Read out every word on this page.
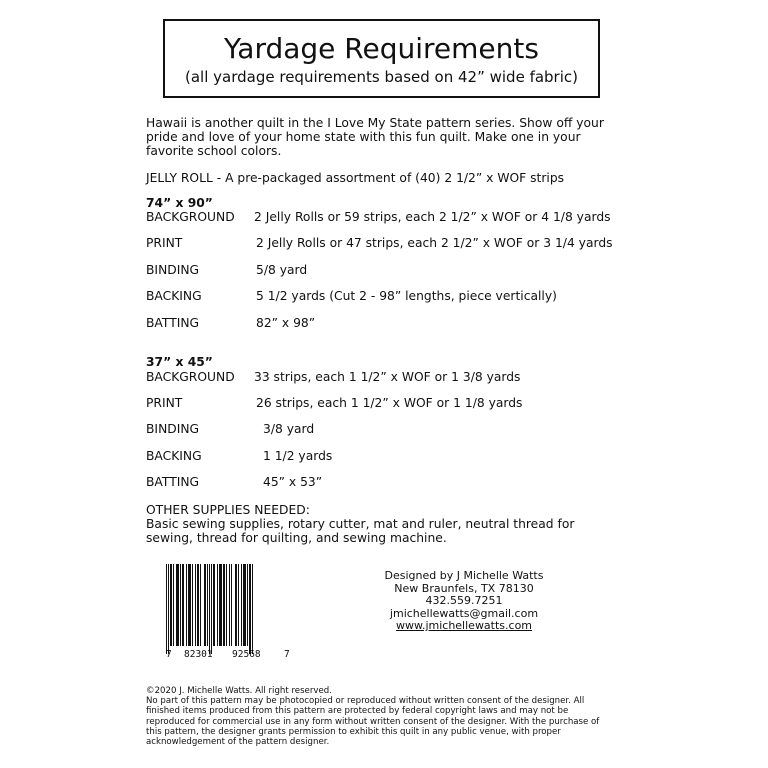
Yardage Requirements
(all yardage requirements based on 42” wide fabric)
Hawaii is another quilt in the I Love My State pattern series. Show off your pride and love of your home state with this fun quilt. Make one in your favorite school colors.
JELLY ROLL - A pre-packaged assortment of (40) 2 1/2” x WOF strips
74” x 90”
BACKGROUND 2 Jelly Rolls or 59 strips, each 2 1/2” x WOF or 4 1/8 yards
PRINT	2 Jelly Rolls or 47 strips, each 2 1/2” x WOF or 3 1/4 yards
BINDING	5/8 yard
BACKING	5 1/2 yards (Cut 2 - 98” lengths, piece vertically)
BATTING	82” x 98”
37” x 45”
BACKGROUND 33 strips, each 1 1/2” x WOF or 1 3/8 yards
PRINT	26 strips, each 1 1/2” x WOF or 1 1/8 yards
BINDING	3/8 yard
BACKING	1 1/2 yards
BATTING	45” x 53”
OTHER SUPPLIES NEEDED:
Basic sewing supplies, rotary cutter, mat and ruler, neutral thread for sewing, thread for quilting, and sewing machine.
7 82301 92568 7
Designed by J Michelle Watts
New Braunfels, TX 78130
432.559.7251
jmichellewatts@gmail.com
www.jmichellewatts.com
©2020 J. Michelle Watts. All right reserved.
No part of this pattern may be photocopied or reproduced without written consent of the designer. All finished items produced from this pattern are protected by federal copyright laws and may not be reproduced for commercial use in any form without written consent of the designer. With the purchase of this pattern, the designer grants permission to exhibit this quilt in any public venue, with proper acknowledgement of the pattern designer.
